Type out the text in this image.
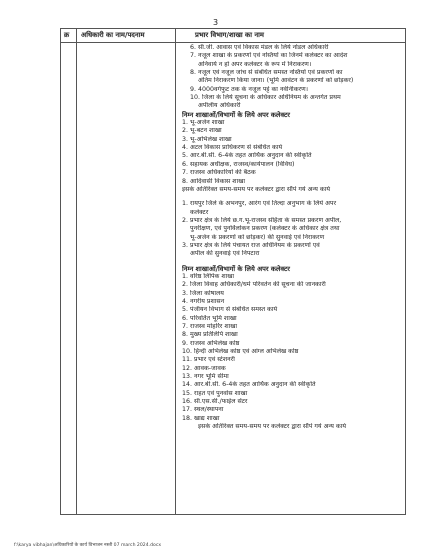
3
क्र अधिकारी का नाम/पदनाम	प्रभार विभाग/शाखा का नाम
6. सी.जी. आवास एवं विकास मंडल के लिये नोडल अधिकारी
7. नजूल शाखा के प्रकरणों एवं नस्तियों का जिनमें कलेक्टर का आदेश
अनिवार्य न हो अपर कलेक्टर के रूप में निराकरण।
8. नजूल एवं नजूल जांच से संबंधित समस्त नस्तियों एवं प्रकरणों का
अंतिम निराकरण किया जाना। (भूमि आवंटन के प्रकरणों को छोड़कर)
9. 4000वर्गफुट तक के नजूल पट्टे का नवीनीकरण।
10. जिला के लिये सूचना के अधिकार अधिनियम के अन्तर्गत प्रथम
अपीलीय अधिकारी
निम्न शाखाओं/विभागों के लिये अपर कलेक्टर
1. भू-अर्जन शाखा
2. भू-बटन शाखा
3. भू-अभिलेख शाखा
4. अटल विकास प्राधिकरण से संबंधित कार्य
5. आर.बी.सी. 6-4के तहत आर्थिक अनुदान की स्वीकृति
6. सहायक अधीक्षक, राजस्व/कार्यपालन (विविध)
7. राजस्व अधिकारियों की बैठक
8. आदिवासी विकास शाखा
इसके अतिरिक्त समय-समय पर कलेक्टर द्वारा सौंपे गये अन्य कार्य
1. रायपुर जिले के अभनपुर, आरंग एवं तिल्दा अनुभाग के लिये अपर
कलेक्टर
2. प्रभार क्षेत्र के लिये छ.ग.भू-राजस्व संहिता के समस्त प्रकरण अपील,
पुनरीक्षण, एवं पुनर्विलोकन प्रकरण (कलेक्टर के अधिकार क्षेत्र तथा
भू-अर्जन के प्रकरणों को छोड़कर) की सुनवाई एवं निराकरण
3. प्रभार क्षेत्र के लिये पंचायत राज अधिनियम के प्रकरणों एवं
अपील की सुनवाई एवं निपटारा
निम्न शाखाओं/विभागों के लिये अपर कलेक्टर
1. वरिष्ठ लिपिक शाखा
2. जिला विवाह अधिकारी/धर्म परिवर्तन की सूचना की जानकारी
3. जिला कोषालय
4. नगरीय प्रशासन
5. पंजीयन विभाग से संबंधित समस्त कार्य
6. परिवर्तित भूमि शाखा
7. राजस्व मोहर्रिर शाखा
8. मुख्य प्रतिलिपि शाखा
9. राजस्व अभिलेख कोष्ठ
10. हिन्दी अभिलेख कोष्ठ एवं आंग्ल अभिलेख कोष्ठ
11. प्रभार एवं स्टेशनरी
12. आवक-जावक
13. नगर भूमि सीमा
14. आर.बी.सी. 6-4के तहत आर्थिक अनुदान की स्वीकृति
15. राहत एवं पुनर्वास शाखा
16. सी.एस.सी./फाईल सेंटर
17. स्थल/स्थापना
18. खाद्य शाखा
इसके अतिरिक्त समय-समय पर कलेक्टर द्वारा सौंपे गये अन्य कार्य
f:\karya vibhajan\अधिकारियों के कार्य विभाजन नस्ती 07 march 2024.docx
